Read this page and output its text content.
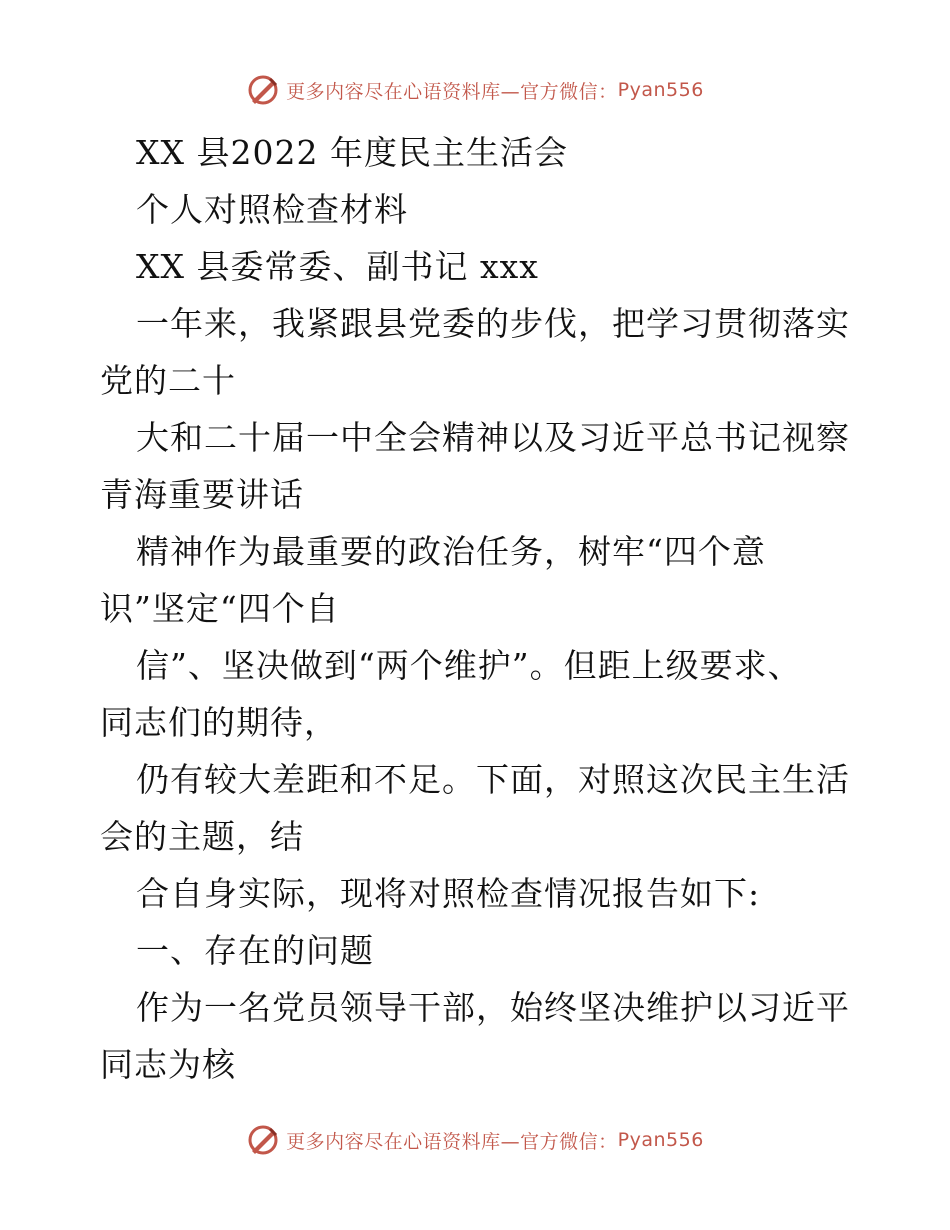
更多内容尽在心语资料库—官方微信： Pyan556
XX 县2022 年度民主生活会
个人对照检查材料
XX 县委常委、副书记 xxx
一年来，我紧跟县党委的步伐，把学习贯彻落实
党的二十
大和二十届一中全会精神以及习近平总书记视察
青海重要讲话
精神作为最重要的政治任务，树牢“四个意
识”坚定“四个自
信”、坚决做到“两个维护”。但距上级要求、
同志们的期待，
仍有较大差距和不足。下面，对照这次民主生活
会的主题，结
合自身实际，现将对照检查情况报告如下:
一、存在的问题
作为一名党员领导干部，始终坚决维护以习近平
同志为核
更多内容尽在心语资料库—官方微信： Pyan556
